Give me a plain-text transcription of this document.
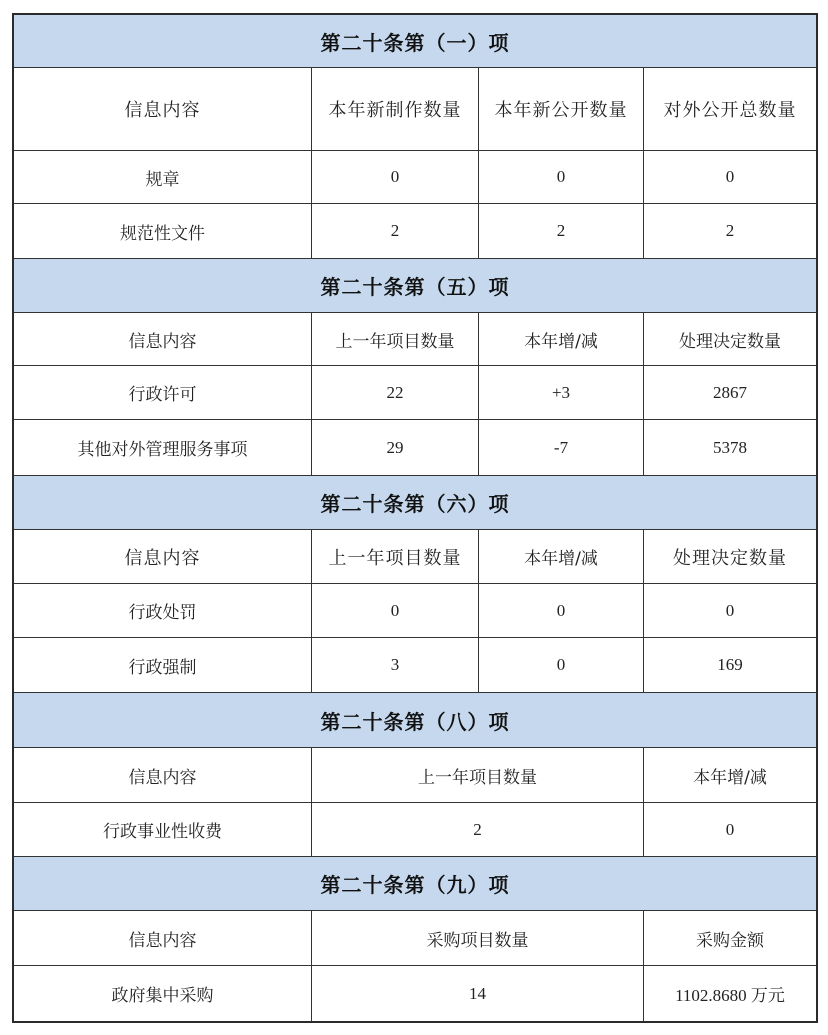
第二十条第（一）项
信息内容	本年新制作数量	本年新公开数量	对外公开总数量
规章	0	0	0
规范性文件	2	2	2
第二十条第（五）项
信息内容	上一年项目数量	本年增/减	处理决定数量
行政许可	22	+3	2867
其他对外管理服务事项	29	-7	5378
第二十条第（六）项
信息内容	上一年项目数量	本年增/减	处理决定数量
行政处罚	0	0	0
行政强制	3	0	169
第二十条第（八）项
信息内容	上一年项目数量	本年增/减
行政事业性收费	2	0
第二十条第（九）项
信息内容	采购项目数量	采购金额
政府集中采购	14	1102.8680 万元
